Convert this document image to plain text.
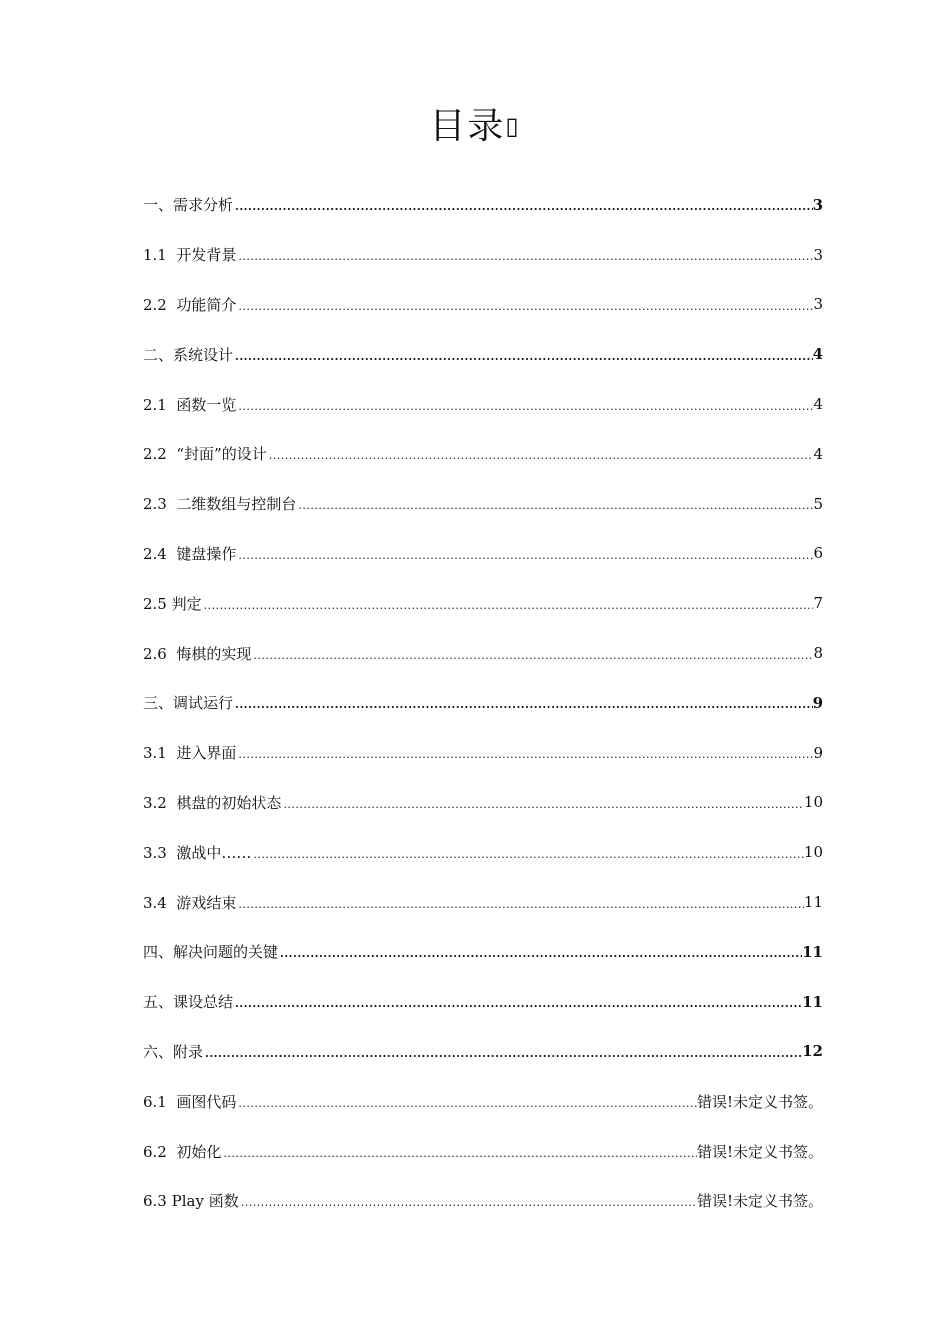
目录▯
一、需求分析 .....	3
1.1  开发背景 .....	3
2.2  功能简介 .....	3
二、系统设计 .....	4
2.1  函数一览 .....	4
2.2  “封面”的设计 .....	4
2.3  二维数组与控制台 .....	5
2.4  键盘操作 .....	6
2.5 判定 .....	7
2.6  悔棋的实现 .....	8
三、调试运行 .....	9
3.1  进入界面 .....	9
3.2  棋盘的初始状态 .....	10
3.3  激战中…… .....	10
3.4  游戏结束 .....	11
四、解决问题的关键 .....	11
五、课设总结 .....	11
六、附录 .....	12
6.1  画图代码 .....	错误!未定义书签。
6.2  初始化 .....	错误!未定义书签。
6.3 Play 函数 .....	错误!未定义书签。
